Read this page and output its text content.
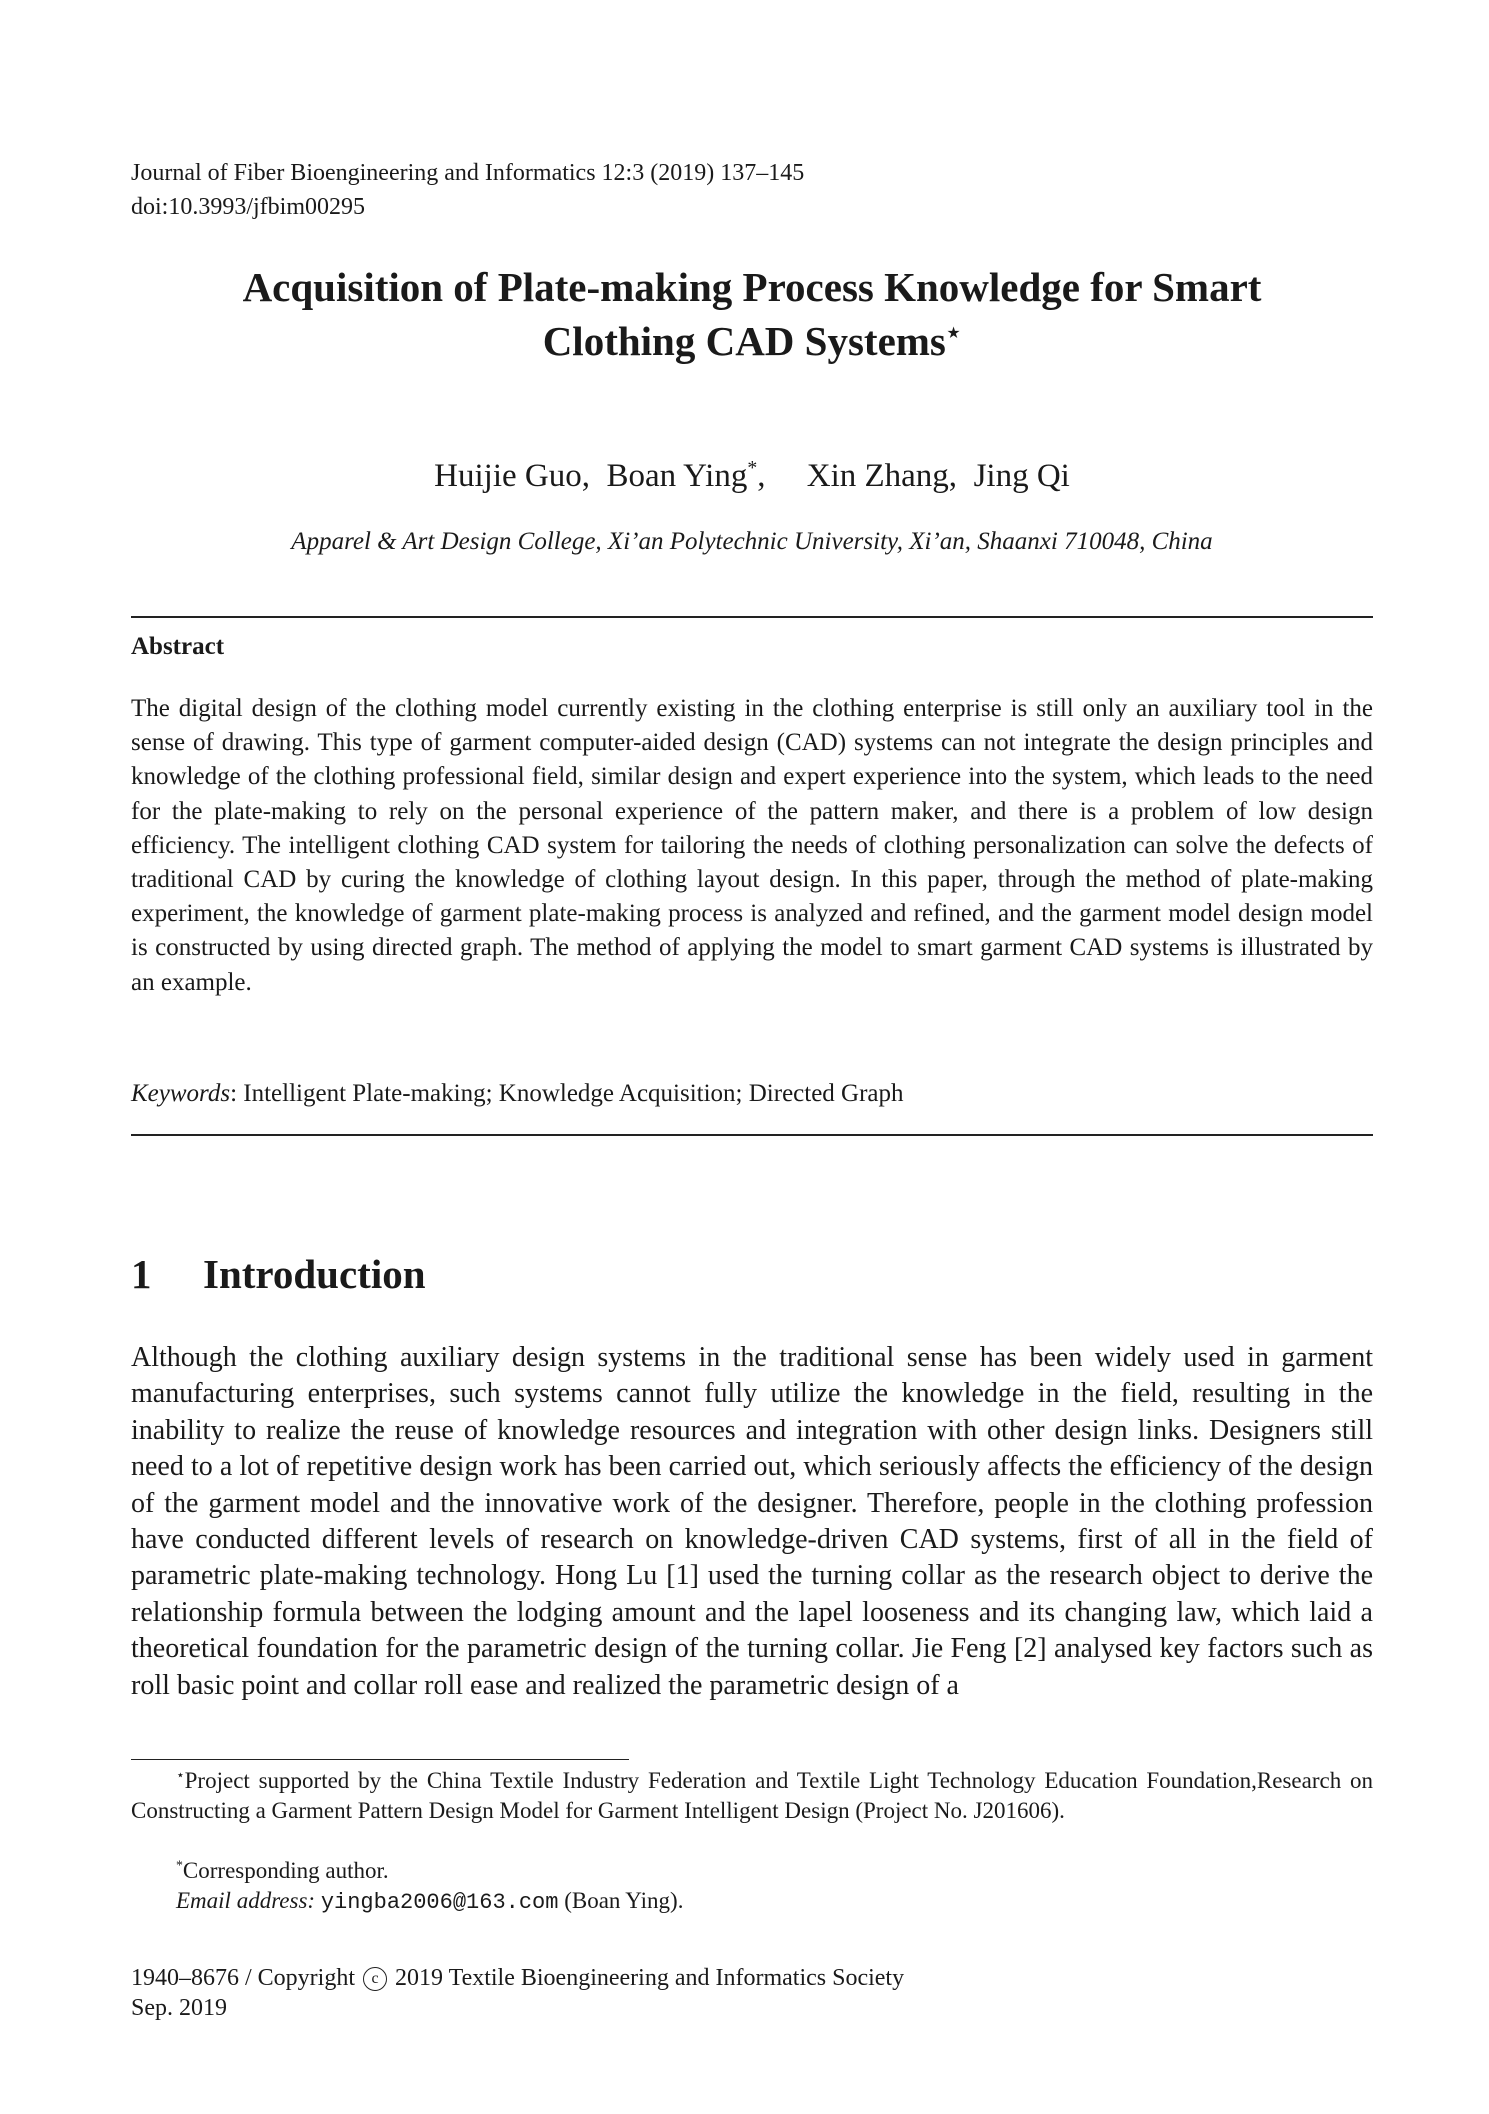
Journal of Fiber Bioengineering and Informatics 12:3 (2019) 137–145
doi:10.3993/jfbim00295
Acquisition of Plate-making Process Knowledge for Smart
Clothing CAD Systems⋆
Huijie Guo, Boan Ying*, Xin Zhang, Jing Qi
Apparel & Art Design College, Xi’an Polytechnic University, Xi’an, Shaanxi 710048, China
Abstract
The digital design of the clothing model currently existing in the clothing enterprise is still only an auxiliary tool in the sense of drawing. This type of garment computer-aided design (CAD) systems can not integrate the design principles and knowledge of the clothing professional field, similar design and expert experience into the system, which leads to the need for the plate-making to rely on the personal experience of the pattern maker, and there is a problem of low design efficiency. The intelligent clothing CAD system for tailoring the needs of clothing personalization can solve the defects of traditional CAD by curing the knowledge of clothing layout design. In this paper, through the method of plate-making experiment, the knowledge of garment plate-making process is analyzed and refined, and the garment model design model is constructed by using directed graph. The method of applying the model to smart garment CAD systems is illustrated by an example.
Keywords: Intelligent Plate-making; Knowledge Acquisition; Directed Graph
1 Introduction
Although the clothing auxiliary design systems in the traditional sense has been widely used in garment manufacturing enterprises, such systems cannot fully utilize the knowledge in the field, resulting in the inability to realize the reuse of knowledge resources and integration with other design links. Designers still need to a lot of repetitive design work has been carried out, which seriously affects the efficiency of the design of the garment model and the innovative work of the designer. Therefore, people in the clothing profession have conducted different levels of research on knowledge-driven CAD systems, first of all in the field of parametric plate-making technology. Hong Lu [1] used the turning collar as the research object to derive the relationship formula between the lodging amount and the lapel looseness and its changing law, which laid a theoretical foundation for the parametric design of the turning collar. Jie Feng [2] analysed key factors such as roll basic point and collar roll ease and realized the parametric design of a
⋆Project supported by the China Textile Industry Federation and Textile Light Technology Education Foundation,Research on Constructing a Garment Pattern Design Model for Garment Intelligent Design (Project No. J201606).
*Corresponding author.
Email address: yingba2006@163.com (Boan Ying).
1940–8676 / Copyright c 2019 Textile Bioengineering and Informatics Society
Sep. 2019
